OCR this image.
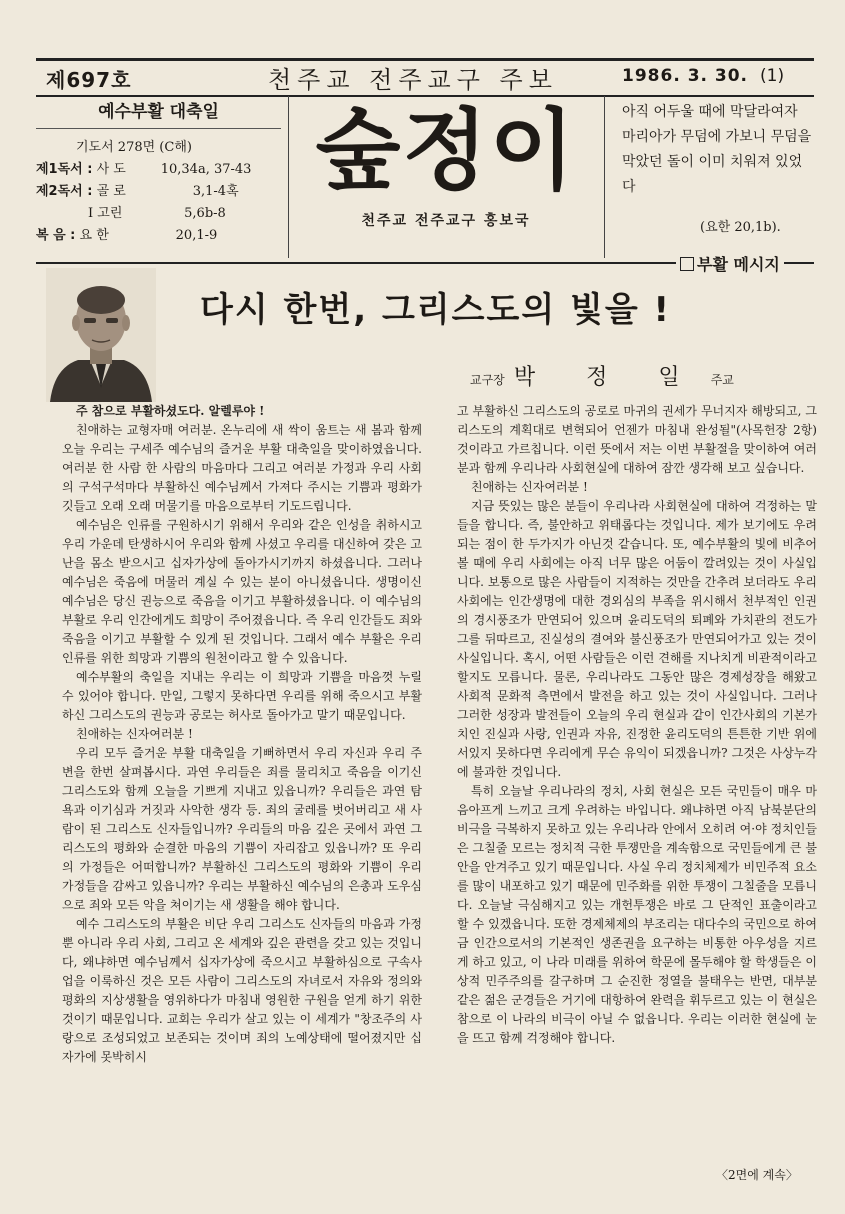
제697호	천주교 전주교구 주보	1986. 3. 30. (1)
예수부활 대축일
기도서 278면 (C해)
제1독서 : 사 도	10,34a, 37-43
제2독서 : 골 로	3,1-4혹
I 고린	5,6b-8
복 음 : 요 한	20,1-9
숲정이
천주교 전주교구 홍보국
아직 어두울 때에 막달라여자 마리아가 무덤에 가보니 무덤을 막았던 돌이 이미 치워져 있었다
(요한 20,1b).
부활 메시지
다시 한번, 그리스도의 빛을 !
교구장 박 정 일 주교

주 참으로 부활하셨도다. 알렐루야 !

친애하는 교형자매 여러분. 온누리에 새 싹이 움트는 새 봄과 함께 오늘 우리는 구세주 예수님의 즐거운 부활 대축일을 맞이하였읍니다. 여러분 한 사람 한 사람의 마음마다 그리고 여러분 가정과 우리 사회의 구석구석마다 부활하신 예수님께서 가져다 주시는 기쁨과 평화가 깃들고 오래 오래 머물기를 마음으로부터 기도드립니다.

예수님은 인류를 구원하시기 위해서 우리와 같은 인성을 취하시고 우리 가운데 탄생하시어 우리와 함께 사셨고 우리를 대신하여 갖은 고난을 몸소 받으시고 십자가상에 돌아가시기까지 하셨읍니다. 그러나 예수님은 죽음에 머물러 계실 수 있는 분이 아니셨읍니다. 생명이신 예수님은 당신 권능으로 죽음을 이기고 부활하셨읍니다. 이 예수님의 부활로 우리 인간에게도 희망이 주어졌읍니다. 즉 우리 인간들도 죄와 죽음을 이기고 부활할 수 있게 된 것입니다. 그래서 예수 부활은 우리 인류를 위한 희망과 기쁨의 원천이라고 할 수 있읍니다.

예수부활의 축일을 지내는 우리는 이 희망과 기쁨을 마음껏 누릴 수 있어야 합니다. 만일, 그렇지 못하다면 우리를 위해 죽으시고 부활하신 그리스도의 권능과 공로는 허사로 돌아가고 말기 때문입니다.

친애하는 신자여러분 !

우리 모두 즐거운 부활 대축일을 기뻐하면서 우리 자신과 우리 주변을 한번 살펴봅시다. 과연 우리들은 죄를 물리치고 죽음을 이기신 그리스도와 함께 오늘을 기쁘게 지내고 있읍니까? 우리들은 과연 탐욕과 이기심과 거짓과 사악한 생각 등. 죄의 굴레를 벗어버리고 새 사람이 된 그리스도 신자들입니까? 우리들의 마음 깊은 곳에서 과연 그리스도의 평화와 순결한 마음의 기쁨이 자리잡고 있읍니까? 또 우리의 가정들은 어떠합니까? 부활하신 그리스도의 평화와 기쁨이 우리 가정들을 감싸고 있읍니까? 우리는 부활하신 예수님의 은총과 도우심으로 죄와 모든 악을 쳐이기는 새 생활을 해야 합니다.

예수 그리스도의 부활은 비단 우리 그리스도 신자들의 마음과 가정 뿐 아니라 우리 사회, 그리고 온 세계와 깊은 관련을 갖고 있는 것입니다, 왜냐하면 예수님께서 십자가상에 죽으시고 부활하심으로 구속사업을 이룩하신 것은 모든 사람이 그리스도의 자녀로서 자유와 정의와 평화의 지상생활을 영위하다가 마침내 영원한 구원을 얻게 하기 위한 것이기 때문입니다. 교회는 우리가 살고 있는 이 세계가 "창조주의 사랑으로 조성되었고 보존되는 것이며 죄의 노예상태에 떨어졌지만 십자가에 못박히시

고 부활하신 그리스도의 공로로 마귀의 권세가 무너지자 해방되고, 그리스도의 계획대로 변혁되어 언젠가 마침내 완성될"(사목헌장 2항) 것이라고 가르칩니다. 이런 뜻에서 저는 이번 부활절을 맞이하여 여러분과 함께 우리나라 사회현실에 대하여 잠깐 생각해 보고 싶습니다.

친애하는 신자여러분 !

지금 뜻있는 많은 분들이 우리나라 사회현실에 대하여 걱정하는 말들을 합니다. 즉, 불안하고 위태롭다는 것입니다. 제가 보기에도 우려되는 점이 한 두가지가 아닌것 같습니다. 또, 예수부활의 빛에 비추어 볼 때에 우리 사회에는 아직 너무 많은 어둠이 깔려있는 것이 사실입니다. 보통으로 많은 사람들이 지적하는 것만을 간추려 보더라도 우리 사회에는 인간생명에 대한 경외심의 부족을 위시해서 천부적인 인권의 경시풍조가 만연되어 있으며 윤리도덕의 퇴폐와 가치관의 전도가 그를 뒤따르고, 진실성의 결여와 불신풍조가 만연되어가고 있는 것이 사실입니다. 혹시, 어떤 사람들은 이런 견해를 지나치게 비관적이라고 할지도 모릅니다. 물론, 우리나라도 그동안 많은 경제성장을 해왔고 사회적 문화적 측면에서 발전을 하고 있는 것이 사실입니다. 그러나 그러한 성장과 발전들이 오늘의 우리 현실과 같이 인간사회의 기본가치인 진실과 사랑, 인권과 자유, 진정한 윤리도덕의 튼튼한 기반 위에 서있지 못하다면 우리에게 무슨 유익이 되겠읍니까? 그것은 사상누각에 불과한 것입니다.

특히 오늘날 우리나라의 정치, 사회 현실은 모든 국민들이 매우 마음아프게 느끼고 크게 우려하는 바입니다. 왜냐하면 아직 남북분단의 비극을 극복하지 못하고 있는 우리나라 안에서 오히려 여·야 정치인들은 그칠줄 모르는 정치적 극한 투쟁만을 계속함으로 국민들에게 큰 불안을 안겨주고 있기 때문입니다. 사실 우리 정치체제가 비민주적 요소를 많이 내포하고 있기 때문에 민주화를 위한 투쟁이 그칠줄을 모릅니다. 오늘날 극심해지고 있는 개헌투쟁은 바로 그 단적인 표출이라고 할 수 있겠읍니다. 또한 경제체제의 부조리는 대다수의 국민으로 하여금 인간으로서의 기본적인 생존권을 요구하는 비통한 아우성을 지르게 하고 있고, 이 나라 미래를 위하여 학문에 몰두해야 할 학생들은 이상적 민주주의를 갈구하며 그 순진한 정열을 불태우는 반면, 대부분 같은 젊은 군경들은 거기에 대항하여 완력을 휘두르고 있는 이 현실은 참으로 이 나라의 비극이 아닐 수 없읍니다. 우리는 이러한 현실에 눈을 뜨고 함께 걱정해야 합니다.

〈2면에 계속〉
